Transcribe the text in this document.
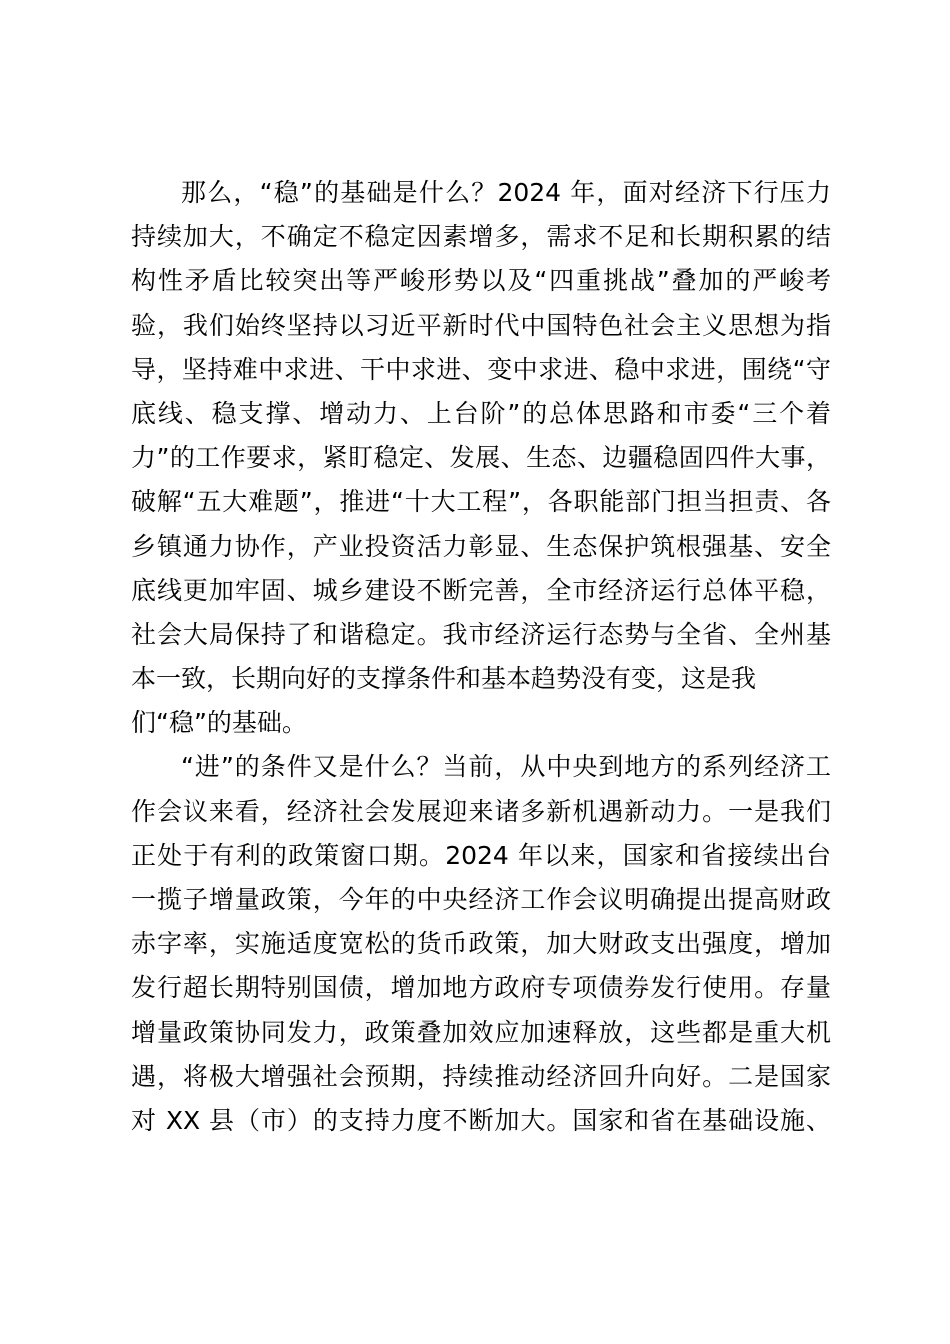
那么，“稳”的基础是什么？2024 年，面对经济下行压力
持续加大，不确定不稳定因素增多，需求不足和长期积累的结
构性矛盾比较突出等严峻形势以及“四重挑战”叠加的严峻考
验，我们始终坚持以习近平新时代中国特色社会主义思想为指
导，坚持难中求进、干中求进、变中求进、稳中求进，围绕“守
底线、稳支撑、增动力、上台阶”的总体思路和市委“三个着
力”的工作要求，紧盯稳定、发展、生态、边疆稳固四件大事，
破解“五大难题”，推进“十大工程”，各职能部门担当担责、各
乡镇通力协作，产业投资活力彰显、生态保护筑根强基、安全
底线更加牢固、城乡建设不断完善，全市经济运行总体平稳，
社会大局保持了和谐稳定。我市经济运行态势与全省、全州基
本一致，长期向好的支撑条件和基本趋势没有变，这是我
们“稳”的基础。
“进”的条件又是什么？当前，从中央到地方的系列经济工
作会议来看，经济社会发展迎来诸多新机遇新动力。一是我们
正处于有利的政策窗口期。2024 年以来，国家和省接续出台
一揽子增量政策，今年的中央经济工作会议明确提出提高财政
赤字率，实施适度宽松的货币政策，加大财政支出强度，增加
发行超长期特别国债，增加地方政府专项债券发行使用。存量
增量政策协同发力，政策叠加效应加速释放，这些都是重大机
遇，将极大增强社会预期，持续推动经济回升向好。二是国家
对 XX 县（市）的支持力度不断加大。国家和省在基础设施、
